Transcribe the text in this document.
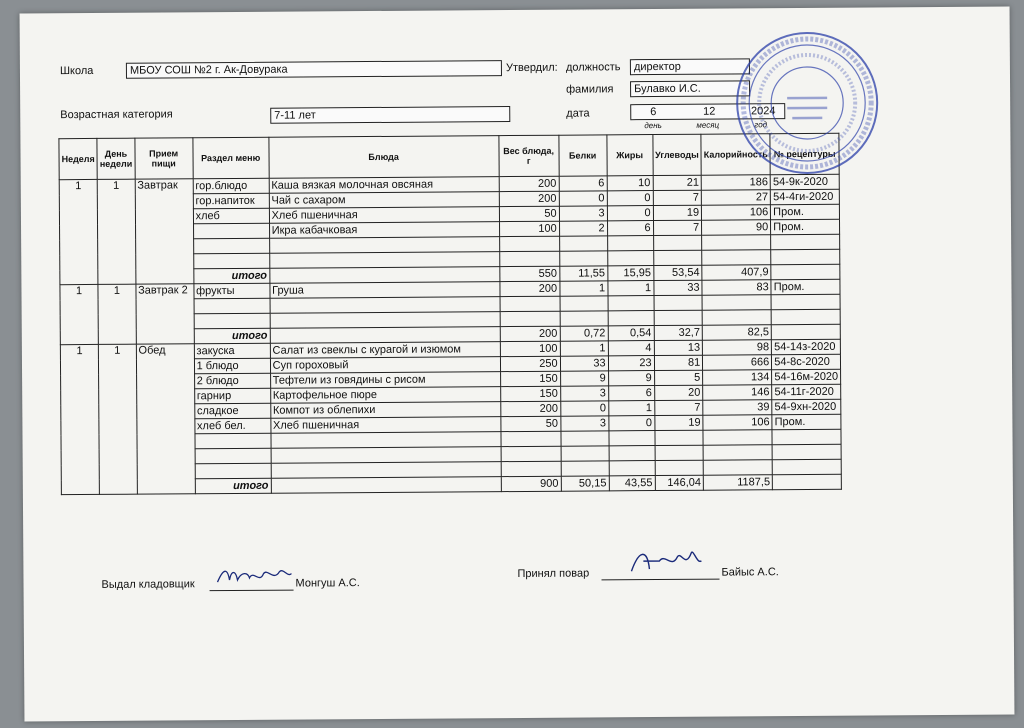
Школа	МБОУ СОШ №2 г. Ак-Довурака	Утвердил: должность	директор
фамилия	Булавко И.С.
Возрастная категория	7-11 лет	дата	6	12	2024
день	месяц	год
Неделя	День недели	Прием пищи	Раздел меню	Блюда	Вес блюда, г	Белки	Жиры	Углеводы	Калорийность	№ рецептуры
1	1	Завтрак	гор.блюдо	Каша вязкая молочная овсяная	200	6	10	21	186	54-9к-2020
			гор.напиток	Чай с сахаром	200	0	0	7	27	54-4ги-2020
			хлеб	Хлеб пшеничная	50	3	0	19	106	Пром.
				Икра кабачковая	100	2	6	7	90	Пром.

			итого		550	11,55	15,95	53,54	407,9	
1	1	Завтрак 2	фрукты	Груша	200	1	1	33	83	Пром.

			итого		200	0,72	0,54	32,7	82,5	
1	1	Обед	закуска	Салат из свеклы с курагой и изюмом	100	1	4	13	98	54-14з-2020
			1 блюдо	Суп гороховый	250	33	23	81	666	54-8с-2020
			2 блюдо	Тефтели из говядины с рисом	150	9	9	5	134	54-16м-2020
			гарнир	Картофельное пюре	150	3	6	20	146	54-11г-2020
			сладкое	Компот из облепихи	200	0	1	7	39	54-9хн-2020
			хлеб бел.	Хлеб пшеничная	50	3	0	19	106	Пром.

			итого		900	50,15	43,55	146,04	1187,5	
Выдал кладовщик	Монгуш А.С.
Принял повар	Байыс А.С.
